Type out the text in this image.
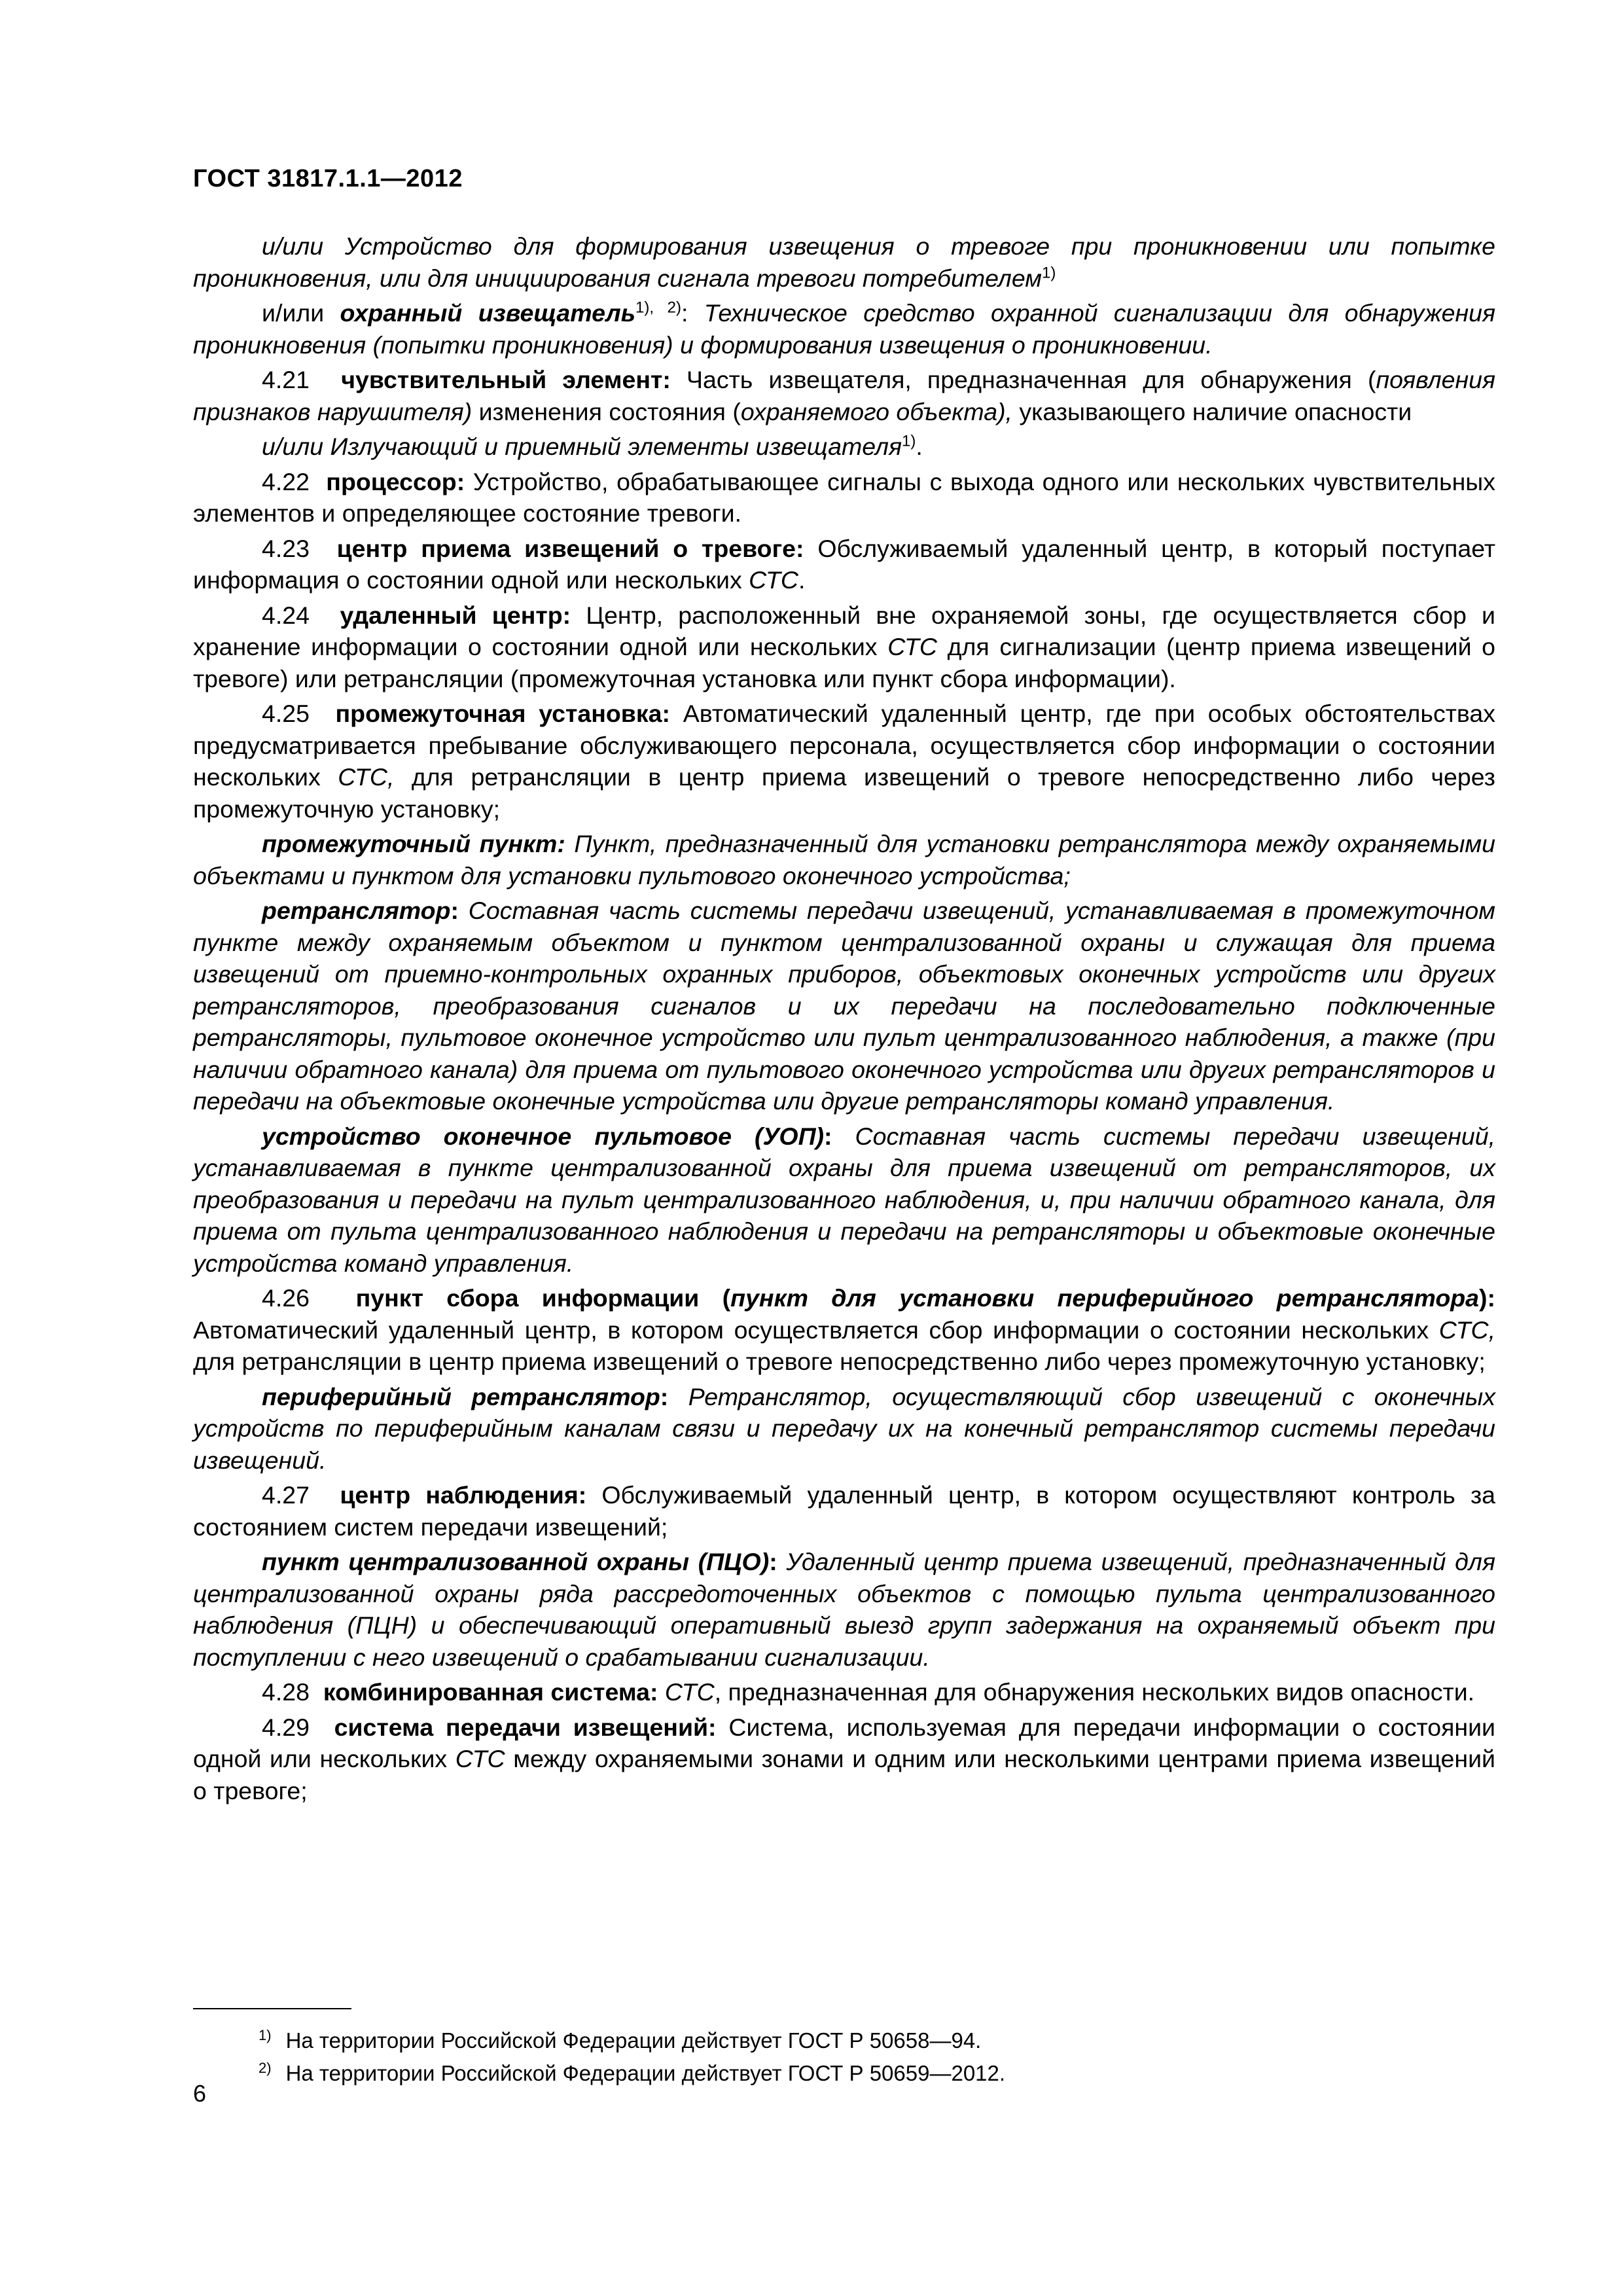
ГОСТ 31817.1.1—2012

и/или Устройство для формирования извещения о тревоге при проникновении или попытке проникновения, или для инициирования сигнала тревоги потребителем$^{1)}$

и/или охранный извещатель$^{1), 2)}$: Техническое средство охранной сигнализации для обнаружения проникновения (попытки проникновения) и формирования извещения о проникновении.

4.21 чувствительный элемент: Часть извещателя, предназначенная для обнаружения (появления признаков нарушителя) изменения состояния (охраняемого объекта), указывающего наличие опасности

и/или Излучающий и приемный элементы извещателя$^{1)}$.

4.22 процессор: Устройство, обрабатывающее сигналы с выхода одного или нескольких чувствительных элементов и определяющее состояние тревоги.

4.23 центр приема извещений о тревоге: Обслуживаемый удаленный центр, в который поступает информация о состоянии одной или нескольких СТС.

4.24 удаленный центр: Центр, расположенный вне охраняемой зоны, где осуществляется сбор и хранение информации о состоянии одной или нескольких СТС для сигнализации (центр приема извещений о тревоге) или ретрансляции (промежуточная установка или пункт сбора информации).

4.25 промежуточная установка: Автоматический удаленный центр, где при особых обстоятельствах предусматривается пребывание обслуживающего персонала, осуществляется сбор информации о состоянии нескольких СТС, для ретрансляции в центр приема извещений о тревоге непосредственно либо через промежуточную установку;

промежуточный пункт: Пункт, предназначенный для установки ретранслятора между охраняемыми объектами и пунктом для установки пультового оконечного устройства;

ретранслятор: Составная часть системы передачи извещений, устанавливаемая в промежуточном пункте между охраняемым объектом и пунктом централизованной охраны и служащая для приема извещений от приемно-контрольных охранных приборов, объектовых оконечных устройств или других ретрансляторов, преобразования сигналов и их передачи на последовательно подключенные ретрансляторы, пультовое оконечное устройство или пульт централизованного наблюдения, а также (при наличии обратного канала) для приема от пультового оконечного устройства или других ретрансляторов и передачи на объектовые оконечные устройства или другие ретрансляторы команд управления.

устройство оконечное пультовое (УОП): Составная часть системы передачи извещений, устанавливаемая в пункте централизованной охраны для приема извещений от ретрансляторов, их преобразования и передачи на пульт централизованного наблюдения, и, при наличии обратного канала, для приема от пульта централизованного наблюдения и передачи на ретрансляторы и объектовые оконечные устройства команд управления.

4.26 пункт сбора информации (пункт для установки периферийного ретранслятора): Автоматический удаленный центр, в котором осуществляется сбор информации о состоянии нескольких СТС, для ретрансляции в центр приема извещений о тревоге непосредственно либо через промежуточную установку;

периферийный ретранслятор: Ретранслятор, осуществляющий сбор извещений с оконечных устройств по периферийным каналам связи и передачу их на конечный ретранслятор системы передачи извещений.

4.27 центр наблюдения: Обслуживаемый удаленный центр, в котором осуществляют контроль за состоянием систем передачи извещений;

пункт централизованной охраны (ПЦО): Удаленный центр приема извещений, предназначенный для централизованной охраны ряда рассредоточенных объектов с помощью пульта централизованного наблюдения (ПЦН) и обеспечивающий оперативный выезд групп задержания на охраняемый объект при поступлении с него извещений о срабатывании сигнализации.

4.28 комбинированная система: СТС, предназначенная для обнаружения нескольких видов опасности.

4.29 система передачи извещений: Система, используемая для передачи информации о состоянии одной или нескольких СТС между охраняемыми зонами и одним или несколькими центрами приема извещений о тревоге;

$^{1)}$ На территории Российской Федерации действует ГОСТ Р 50658—94.
$^{2)}$ На территории Российской Федерации действует ГОСТ Р 50659—2012.
6
